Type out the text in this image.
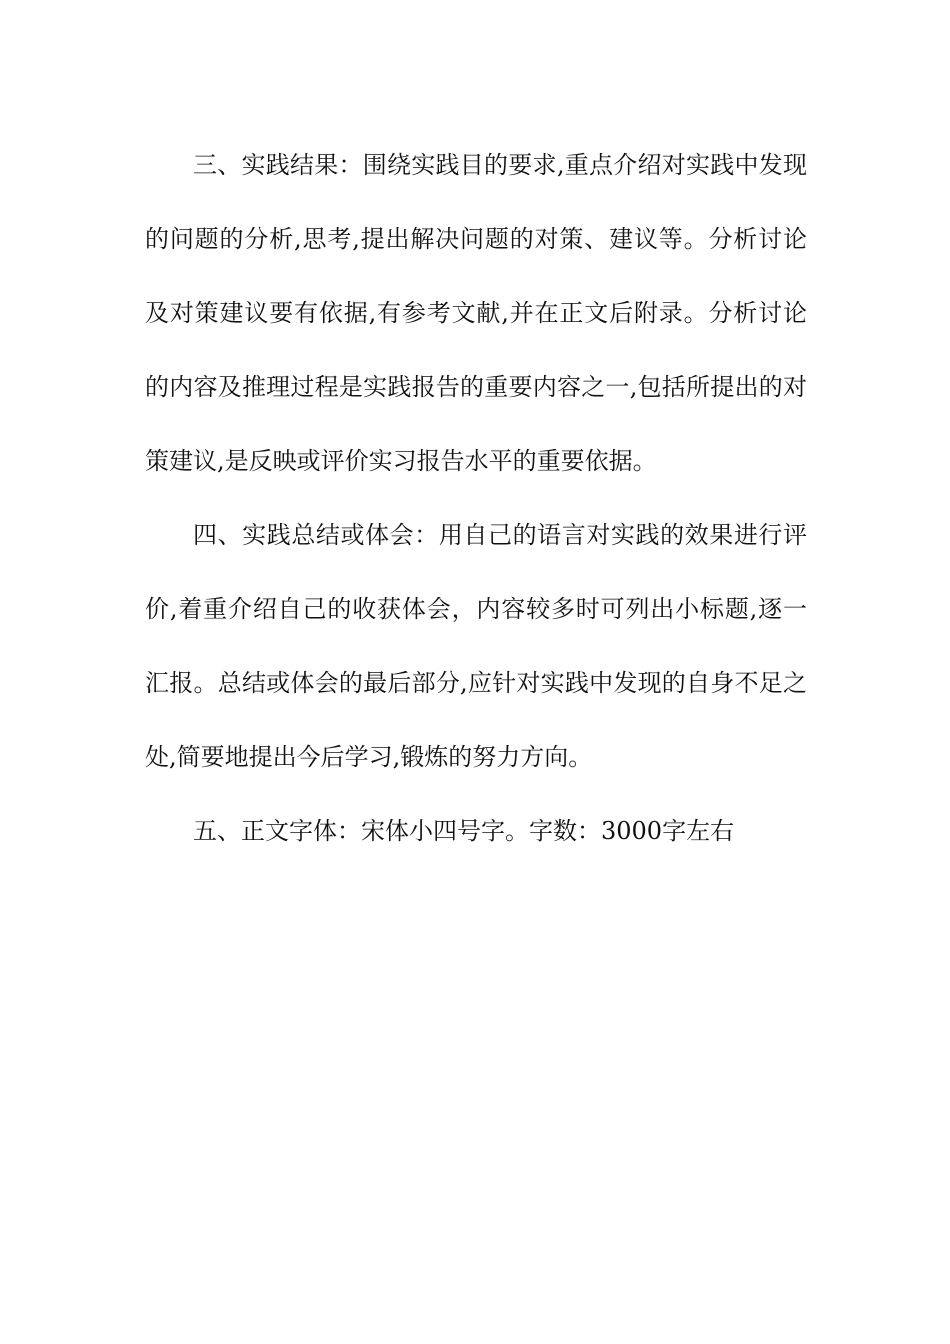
三、实践结果：围绕实践目的要求,重点介绍对实践中发现的问题的分析,思考,提出解决问题的对策、建议等。分析讨论及对策建议要有依据,有参考文献,并在正文后附录。分析讨论的内容及推理过程是实践报告的重要内容之一,包括所提出的对策建议,是反映或评价实习报告水平的重要依据。

四、实践总结或体会：用自己的语言对实践的效果进行评价,着重介绍自己的收获体会，内容较多时可列出小标题,逐一汇报。总结或体会的最后部分,应针对实践中发现的自身不足之处,简要地提出今后学习,锻炼的努力方向。

五、正文字体：宋体小四号字。字数：3000字左右
